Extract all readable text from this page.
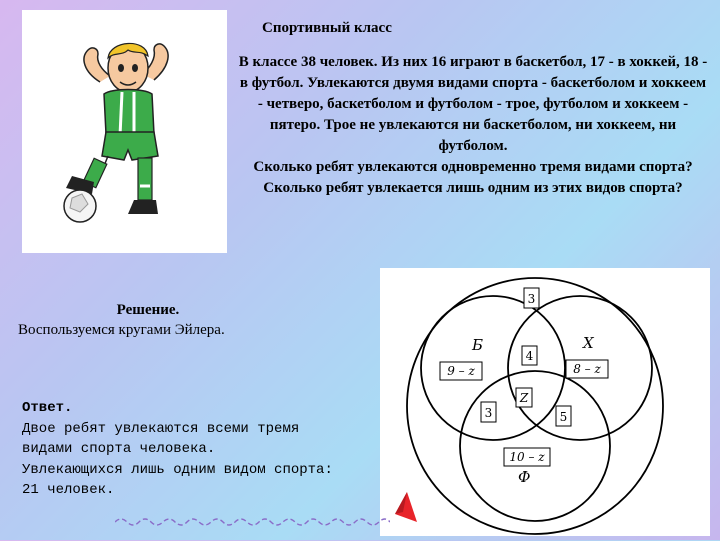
Спортивный класс

В классе 38 человек. Из них 16 играют в баскетбол, 17 - в хоккей, 18 - в футбол. Увлекаются двумя видами спорта - баскетболом и хоккеем - четверо, баскетболом и футболом - трое, футболом и хоккеем - пятеро. Трое не увлекаются ни баскетболом, ни хоккеем, ни футболом.

Сколько ребят увлекаются одновременно тремя видами спорта?

Сколько ребят увлекается лишь одним из этих видов спорта?

Решение.
Воспользуемся кругами Эйлера.
Ответ.

Двое ребят увлекаются всеми тремя видами спорта человека.

Увлекающихся лишь одним видом спорта: 21 человек.

3
Б	Х
Ф
9 – z	8 – z
4
3	5
Z
10 – z
